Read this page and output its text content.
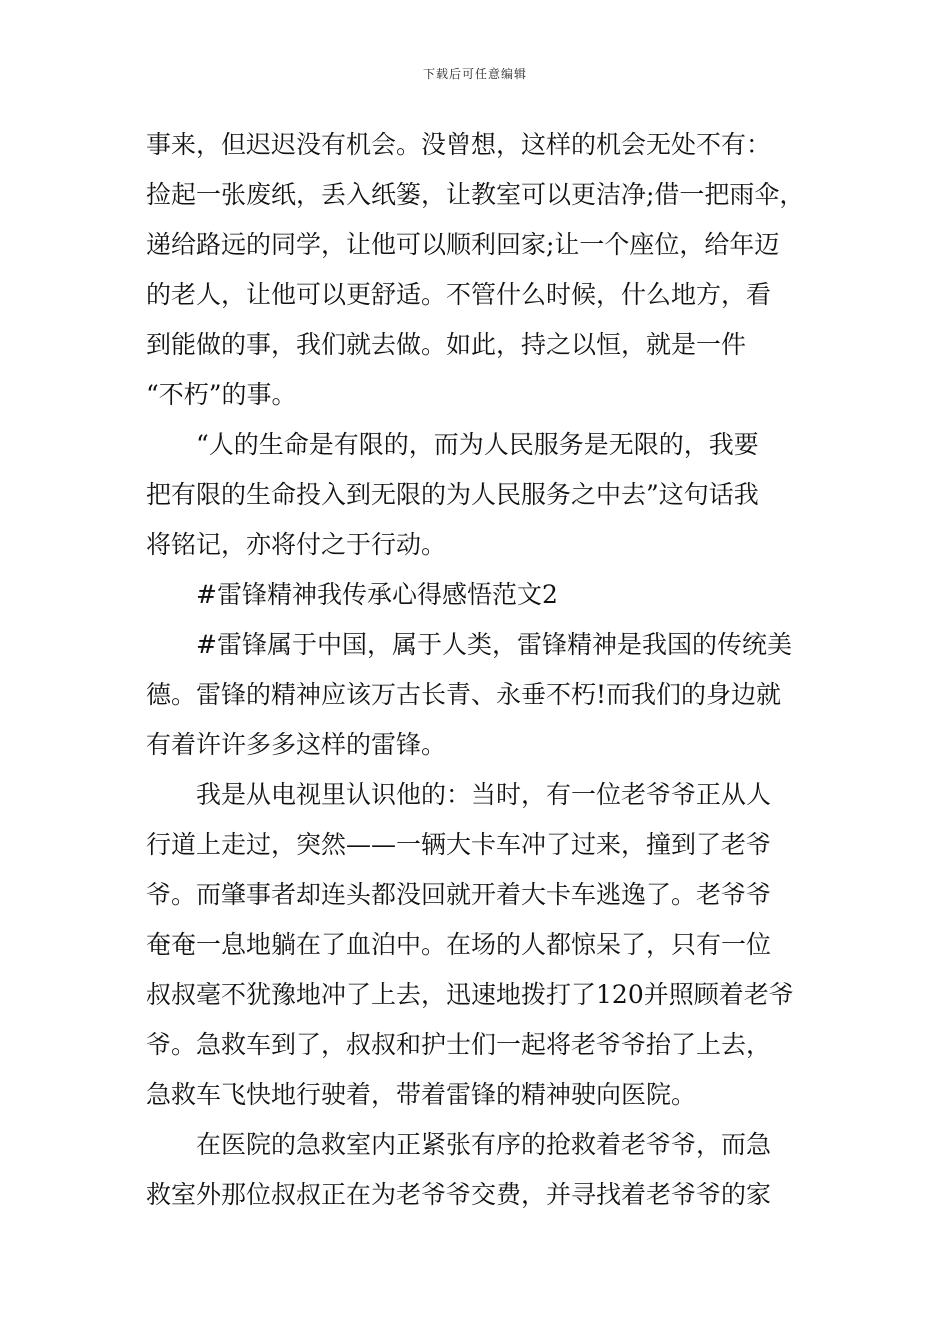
下载后可任意编辑
事来，但迟迟没有机会。没曾想，这样的机会无处不有：
捡起一张废纸，丢入纸篓，让教室可以更洁净;借一把雨伞，
递给路远的同学，让他可以顺利回家;让一个座位，给年迈
的老人，让他可以更舒适。不管什么时候，什么地方，看
到能做的事，我们就去做。如此，持之以恒，就是一件
“不朽”的事。
“人的生命是有限的，而为人民服务是无限的，我要
把有限的生命投入到无限的为人民服务之中去”这句话我
将铭记，亦将付之于行动。
#雷锋精神我传承心得感悟范文2
#雷锋属于中国，属于人类，雷锋精神是我国的传统美
德。雷锋的精神应该万古长青、永垂不朽!而我们的身边就
有着许许多多这样的雷锋。
我是从电视里认识他的：当时，有一位老爷爷正从人
行道上走过，突然——一辆大卡车冲了过来，撞到了老爷
爷。而肇事者却连头都没回就开着大卡车逃逸了。老爷爷
奄奄一息地躺在了血泊中。在场的人都惊呆了，只有一位
叔叔毫不犹豫地冲了上去，迅速地拨打了120并照顾着老爷
爷。急救车到了，叔叔和护士们一起将老爷爷抬了上去，
急救车飞快地行驶着，带着雷锋的精神驶向医院。
在医院的急救室内正紧张有序的抢救着老爷爷，而急
救室外那位叔叔正在为老爷爷交费，并寻找着老爷爷的家
